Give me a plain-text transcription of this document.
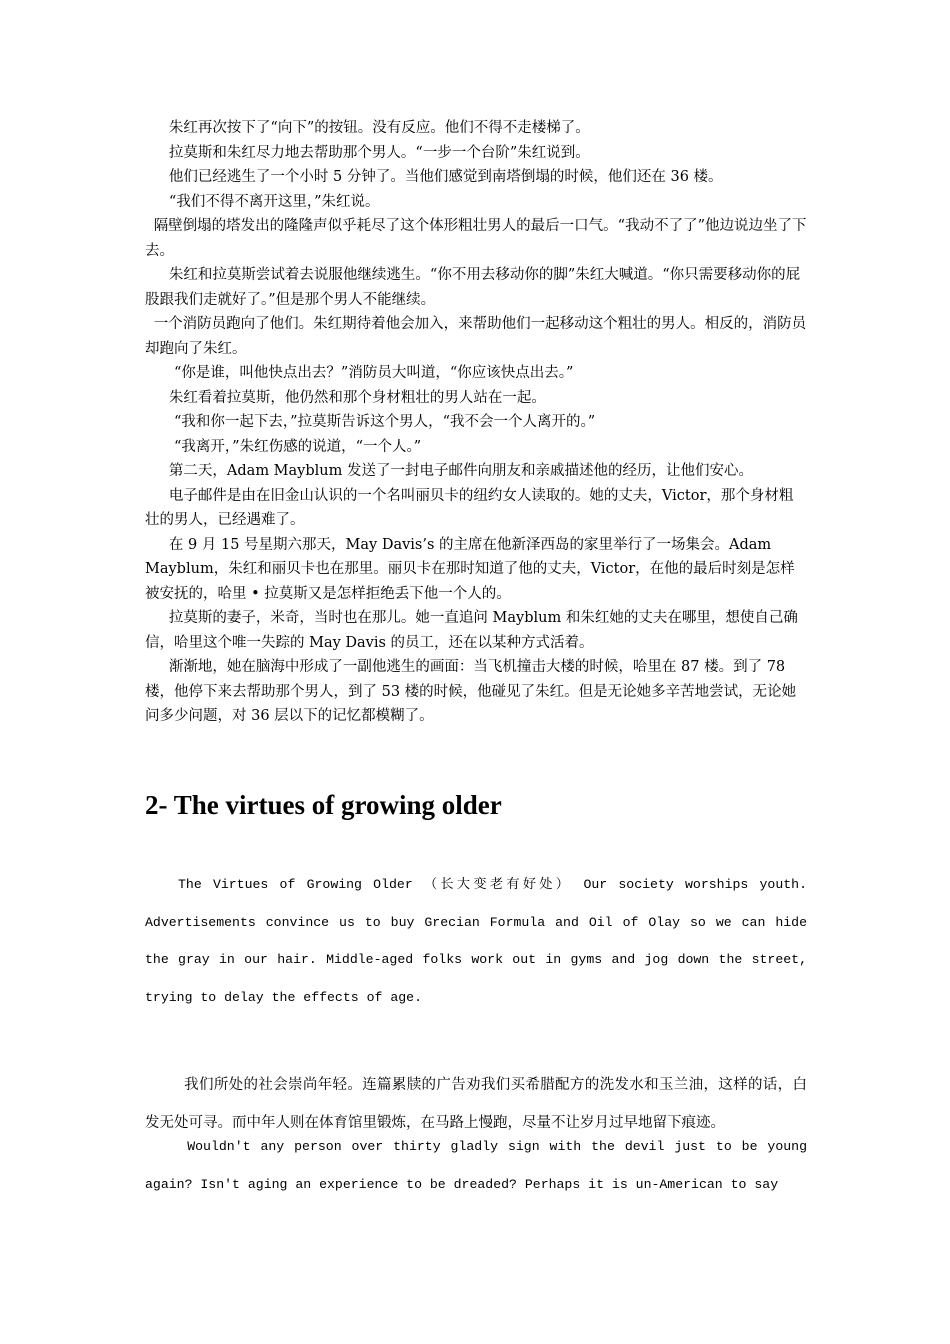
朱红再次按下了“向下”的按钮。没有反应。他们不得不走楼梯了。

拉莫斯和朱红尽力地去帮助那个男人。“一步一个台阶”朱红说到。

他们已经逃生了一个小时 5 分钟了。当他们感觉到南塔倒塌的时候，他们还在 36 楼。

“我们不得不离开这里，”朱红说。

隔壁倒塌的塔发出的隆隆声似乎耗尽了这个体形粗壮男人的最后一口气。“我动不了了”他边说边坐了下去。

朱红和拉莫斯尝试着去说服他继续逃生。“你不用去移动你的脚”朱红大喊道。“你只需要移动你的屁股跟我们走就好了。”但是那个男人不能继续。

一个消防员跑向了他们。朱红期待着他会加入，来帮助他们一起移动这个粗壮的男人。相反的，消防员却跑向了朱红。

“你是谁，叫他快点出去？”消防员大叫道，“你应该快点出去。”

朱红看着拉莫斯，他仍然和那个身材粗壮的男人站在一起。

“我和你一起下去，”拉莫斯告诉这个男人，“我不会一个人离开的。”

“我离开，”朱红伤感的说道，“一个人。”

第二天，Adam Mayblum 发送了一封电子邮件向朋友和亲戚描述他的经历，让他们安心。

电子邮件是由在旧金山认识的一个名叫丽贝卡的纽约女人读取的。她的丈夫，Victor，那个身材粗壮的男人，已经遇难了。

在 9 月 15 号星期六那天，May Davis’s 的主席在他新泽西岛的家里举行了一场集会。Adam Mayblum，朱红和丽贝卡也在那里。丽贝卡在那时知道了他的丈夫，Victor，在他的最后时刻是怎样被安抚的，哈里 • 拉莫斯又是怎样拒绝丢下他一个人的。

拉莫斯的妻子，米奇，当时也在那儿。她一直追问 Mayblum 和朱红她的丈夫在哪里，想使自己确信，哈里这个唯一失踪的 May Davis 的员工，还在以某种方式活着。

渐渐地，她在脑海中形成了一副他逃生的画面：当飞机撞击大楼的时候，哈里在 87 楼。到了 78 楼，他停下来去帮助那个男人，到了 53 楼的时候，他碰见了朱红。但是无论她多辛苦地尝试，无论她问多少问题，对 36 层以下的记忆都模糊了。

2- The virtues of growing older

The Virtues of Growing Older （长大变老有好处） Our society worships youth. Advertisements convince us to buy Grecian Formula and Oil of Olay so we can hide the gray in our hair. Middle-aged folks work out in gyms and jog down the street, trying to delay the effects of age.

我们所处的社会崇尚年轻。连篇累牍的广告劝我们买希腊配方的洗发水和玉兰油，这样的话，白发无处可寻。而中年人则在体育馆里锻炼，在马路上慢跑，尽量不让岁月过早地留下痕迹。

Wouldn't any person over thirty gladly sign with the devil just to be young again? Isn't aging an experience to be dreaded? Perhaps it is un-American to say
